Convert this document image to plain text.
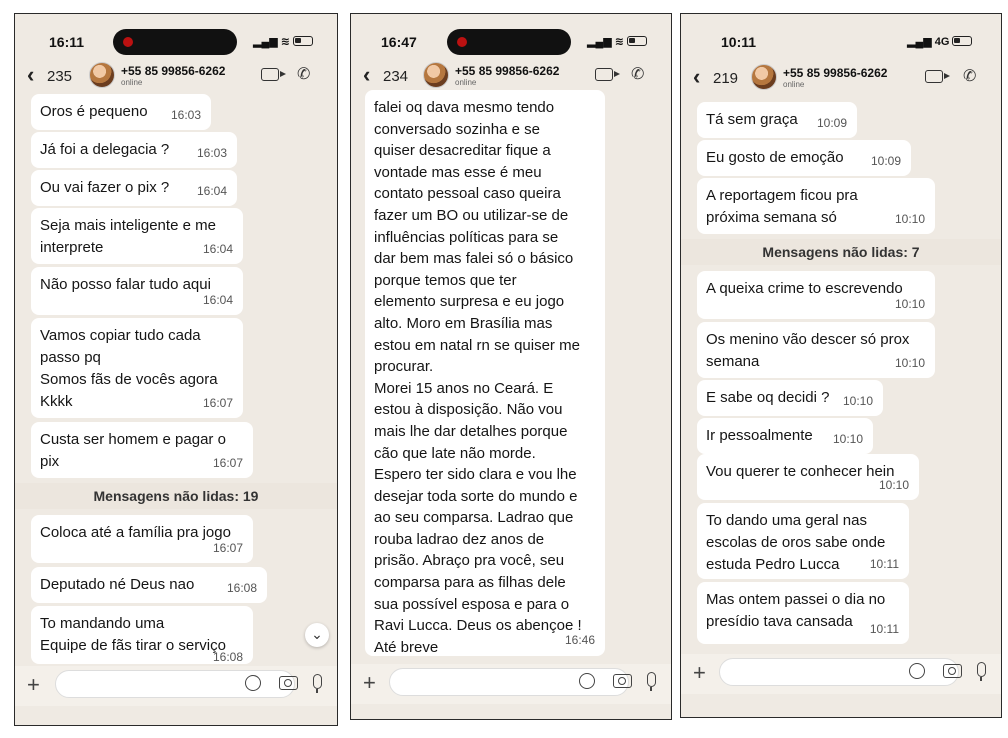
16:11	▂▄▆ ≋
‹ 235	+55 85 99856-6262
online	✆
Oros é pequeno 16:03
Já foi a delegacia ? 16:03
Ou vai fazer o pix ? 16:04
Seja mais inteligente e me
interprete	16:04
Não posso falar tudo aqui
16:04
Vamos copiar tudo cada
passo pq
Somos fãs de vocês agora
Kkkk	16:07
Custa ser homem e pagar o
pix	16:07
Mensagens não lidas: 19
Coloca até a família pra jogo
16:07
Deputado né Deus nao	16:08
To mandando uma
Equipe de fãs tirar o serviço
16:08
⌄
+
16:47	▂▄▆ ≋
‹ 234	+55 85 99856-6262
online	✆
falei oq dava mesmo tendo
conversado sozinha e se
quiser desacreditar fique a
vontade mas esse é meu
contato pessoal caso queira
fazer um BO ou utilizar-se de
influências políticas para se
dar bem mas falei só o básico
porque temos que ter
elemento surpresa e eu jogo
alto. Moro em Brasília mas
estou em natal rn se quiser me
procurar.
Morei 15 anos no Ceará. E
estou à disposição. Não vou
mais lhe dar detalhes porque
cão que late não morde.
Espero ter sido clara e vou lhe
desejar toda sorte do mundo e
ao seu comparsa. Ladrao que
rouba ladrao dez anos de
prisão. Abraço pra você, seu
comparsa para as filhas dele
sua possível esposa e para o
Ravi Lucca. Deus os abençoe !
Até breve	16:46
+
10:11	▂▄▆ 4G
‹ 219	+55 85 99856-6262
online	✆
Tá sem graça 10:09
Eu gosto de emoção 10:09
A reportagem ficou pra
próxima semana só	10:10
Mensagens não lidas: 7
A queixa crime to escrevendo
10:10
Os menino vão descer só prox
semana	10:10
E sabe oq decidi ? 10:10
Ir pessoalmente 10:10
Vou querer te conhecer hein
10:10
To dando uma geral nas
escolas de oros sabe onde
estuda Pedro Lucca	10:11
Mas ontem passei o dia no
presídio tava cansada 10:11
+
